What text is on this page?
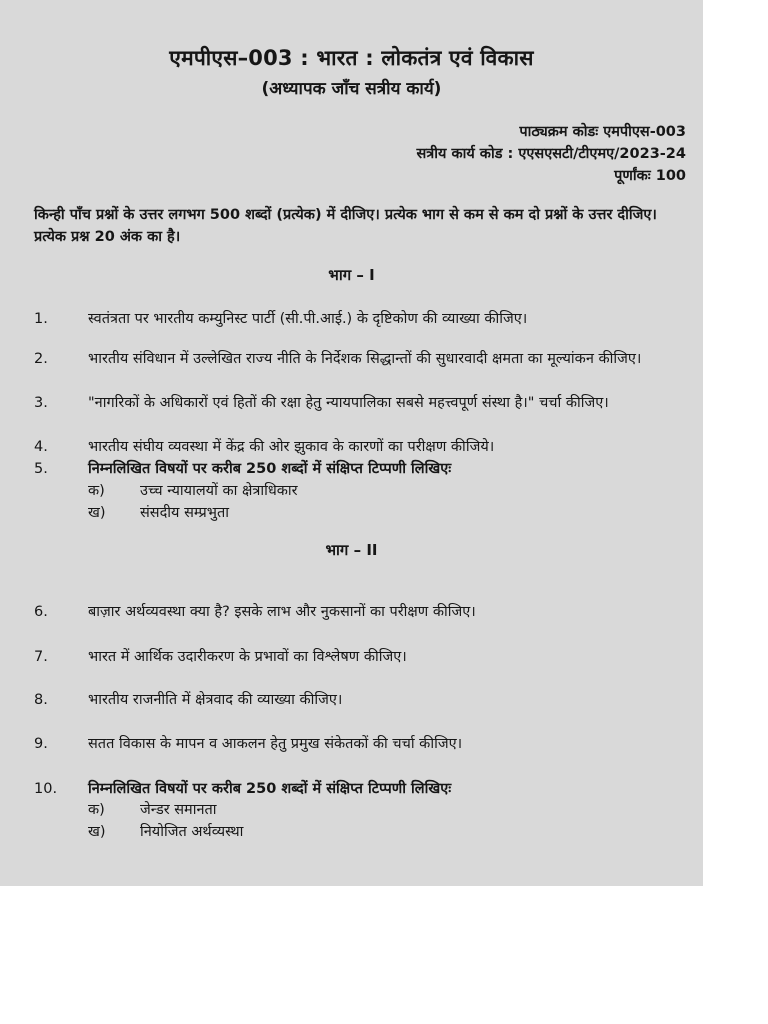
एमपीएस–003 : भारत : लोकतंत्र एवं विकास
(अध्यापक जाँच सत्रीय कार्य)
पाठ्यक्रम कोडः एमपीएस-003
सत्रीय कार्य कोड : एएसएसटी/टीएमए/2023-24
पूर्णांकः 100
किन्ही पाँच प्रश्नों के उत्तर लगभग 500 शब्दों (प्रत्येक) में दीजिए। प्रत्येक भाग से कम से कम दो प्रश्नों के उत्तर दीजिए। प्रत्येक प्रश्न 20 अंक का है।
भाग – I
1.	स्वतंत्रता पर भारतीय कम्युनिस्ट पार्टी (सी.पी.आई.) के दृष्टिकोण की व्याख्या कीजिए।
2.	भारतीय संविधान में उल्लेखित राज्य नीति के निर्देशक सिद्धान्तों की सुधारवादी क्षमता का मूल्यांकन कीजिए।
3.	"नागरिकों के अधिकारों एवं हितों की रक्षा हेतु न्यायपालिका सबसे महत्त्वपूर्ण संस्था है।" चर्चा कीजिए।
4.	भारतीय संघीय व्यवस्था में केंद्र की ओर झुकाव के कारणों का परीक्षण कीजिये।
5.	निम्नलिखित विषयों पर करीब 250 शब्दों में संक्षिप्त टिप्पणी लिखिएः
क) उच्च न्यायालयों का क्षेत्राधिकार
ख) संसदीय सम्प्रभुता
भाग – II
6.	बाज़ार अर्थव्यवस्था क्या है? इसके लाभ और नुकसानों का परीक्षण कीजिए।
7.	भारत में आर्थिक उदारीकरण के प्रभावों का विश्लेषण कीजिए।
8.	भारतीय राजनीति में क्षेत्रवाद की व्याख्या कीजिए।
9.	सतत विकास के मापन व आकलन हेतु प्रमुख संकेतकों की चर्चा कीजिए।
10.	निम्नलिखित विषयों पर करीब 250 शब्दों में संक्षिप्त टिप्पणी लिखिएः
क) जेन्डर समानता
ख) नियोजित अर्थव्यस्था
